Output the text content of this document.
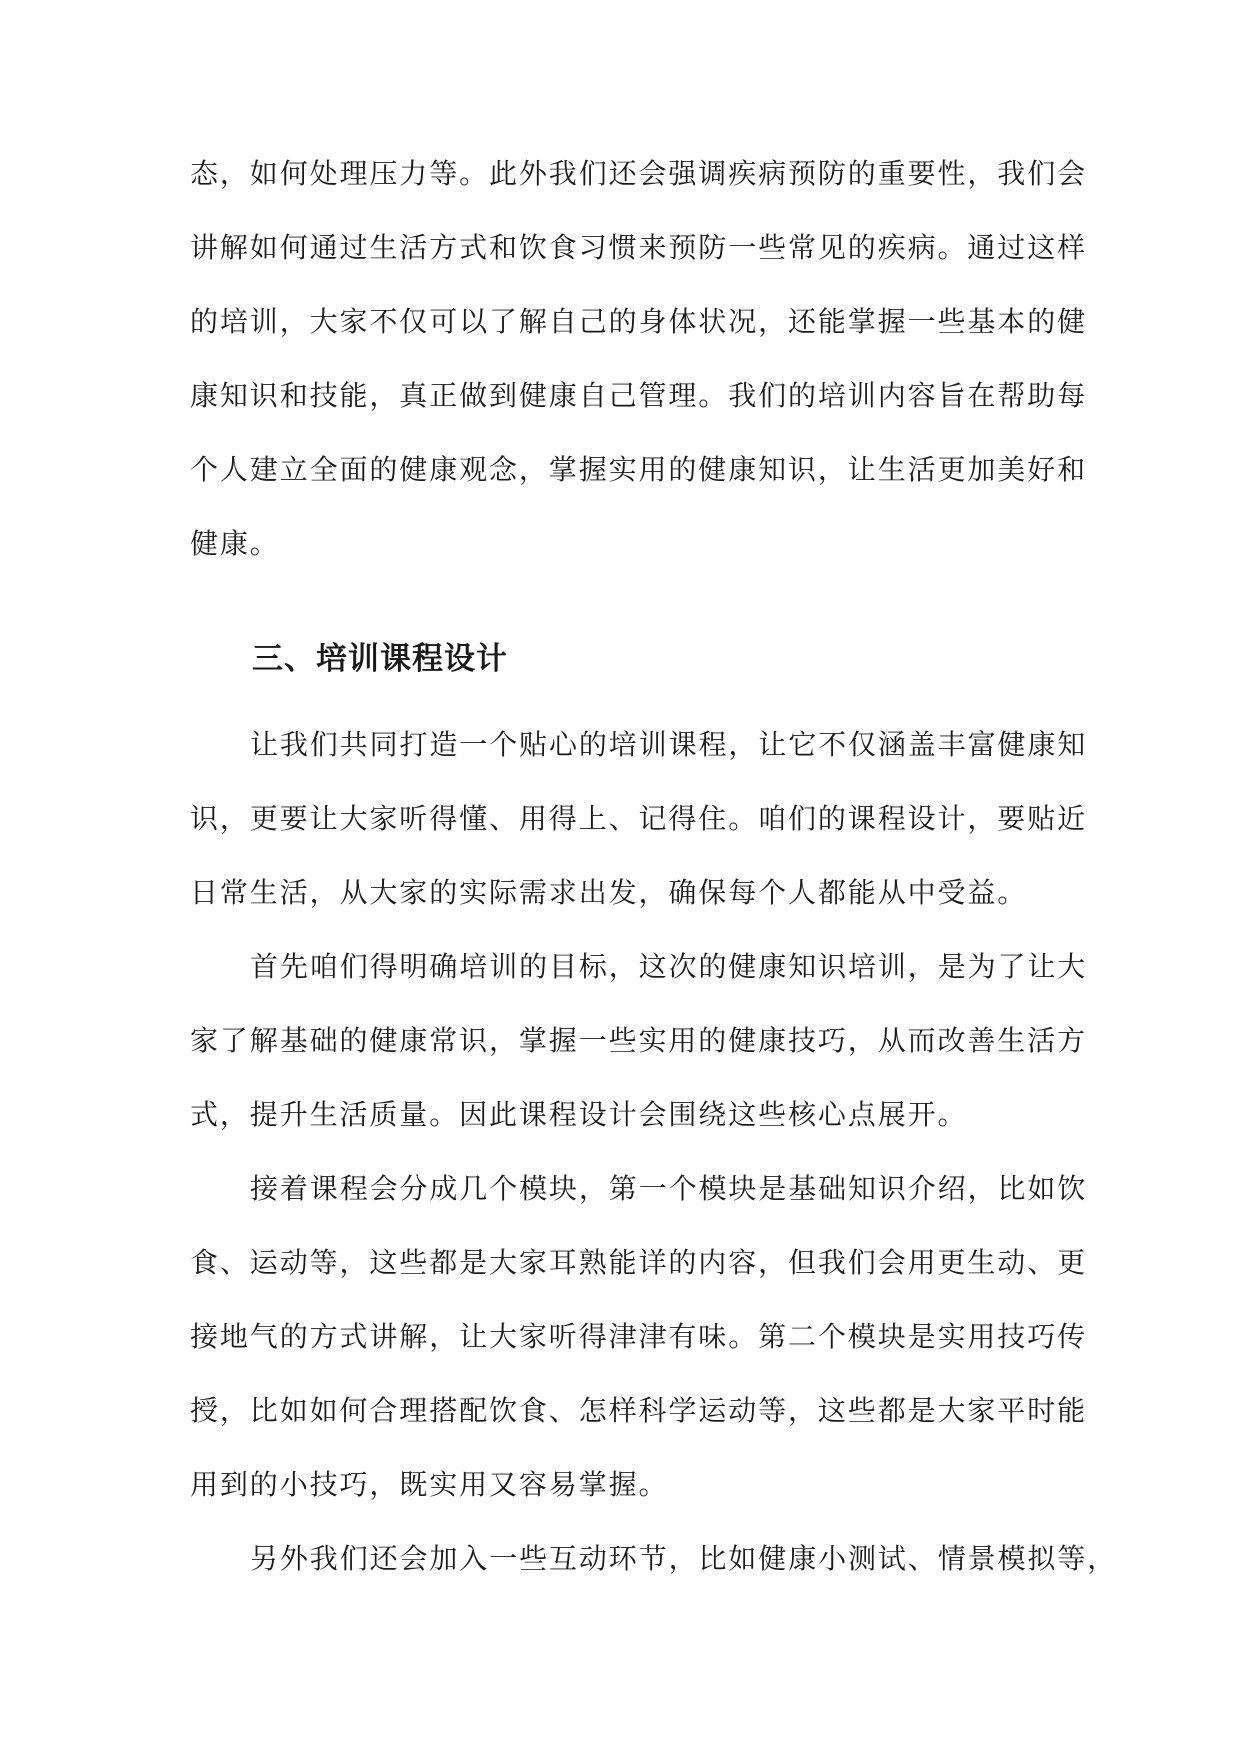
态，如何处理压力等。此外我们还会强调疾病预防的重要性，我们会
讲解如何通过生活方式和饮食习惯来预防一些常见的疾病。通过这样
的培训，大家不仅可以了解自己的身体状况，还能掌握一些基本的健
康知识和技能，真正做到健康自己管理。我们的培训内容旨在帮助每
个人建立全面的健康观念，掌握实用的健康知识，让生活更加美好和
健康。
三、培训课程设计
让我们共同打造一个贴心的培训课程，让它不仅涵盖丰富健康知
识，更要让大家听得懂、用得上、记得住。咱们的课程设计，要贴近
日常生活，从大家的实际需求出发，确保每个人都能从中受益。
首先咱们得明确培训的目标，这次的健康知识培训，是为了让大
家了解基础的健康常识，掌握一些实用的健康技巧，从而改善生活方
式，提升生活质量。因此课程设计会围绕这些核心点展开。
接着课程会分成几个模块，第一个模块是基础知识介绍，比如饮
食、运动等，这些都是大家耳熟能详的内容，但我们会用更生动、更
接地气的方式讲解，让大家听得津津有味。第二个模块是实用技巧传
授，比如如何合理搭配饮食、怎样科学运动等，这些都是大家平时能
用到的小技巧，既实用又容易掌握。
另外我们还会加入一些互动环节，比如健康小测试、情景模拟等，
